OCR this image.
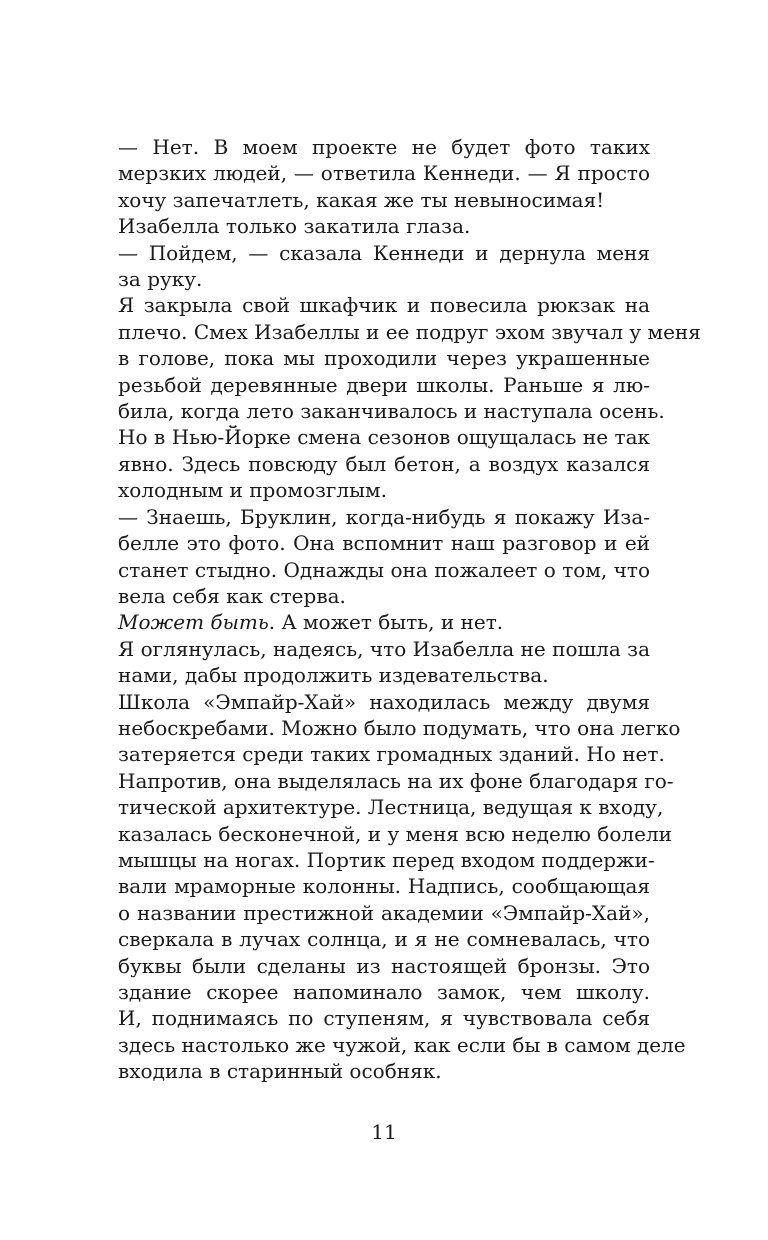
— Нет. В моем проекте не будет фото таких
мерзких людей, — ответила Кеннеди. — Я просто
хочу запечатлеть, какая же ты невыносимая!
Изабелла только закатила глаза.
— Пойдем, — сказала Кеннеди и дернула меня
за руку.
Я закрыла свой шкафчик и повесила рюкзак на
плечо. Смех Изабеллы и ее подруг эхом звучал у меня
в голове, пока мы проходили через украшенные
резьбой деревянные двери школы. Раньше я лю-
била, когда лето заканчивалось и наступала осень.
Но в Нью-Йорке смена сезонов ощущалась не так
явно. Здесь повсюду был бетон, а воздух казался
холодным и промозглым.
— Знаешь, Бруклин, когда-нибудь я покажу Иза-
белле это фото. Она вспомнит наш разговор и ей
станет стыдно. Однажды она пожалеет о том, что
вела себя как стерва.
Может быть. А может быть, и нет.
Я оглянулась, надеясь, что Изабелла не пошла за
нами, дабы продолжить издевательства.
Школа «Эмпайр-Хай» находилась между двумя
небоскребами. Можно было подумать, что она легко
затеряется среди таких громадных зданий. Но нет.
Напротив, она выделялась на их фоне благодаря го-
тической архитектуре. Лестница, ведущая к входу,
казалась бесконечной, и у меня всю неделю болели
мышцы на ногах. Портик перед входом поддержи-
вали мраморные колонны. Надпись, сообщающая
о названии престижной академии «Эмпайр-Хай»,
сверкала в лучах солнца, и я не сомневалась, что
буквы были сделаны из настоящей бронзы. Это
здание скорее напоминало замок, чем школу.
И, поднимаясь по ступеням, я чувствовала себя
здесь настолько же чужой, как если бы в самом деле
входила в старинный особняк.
11
